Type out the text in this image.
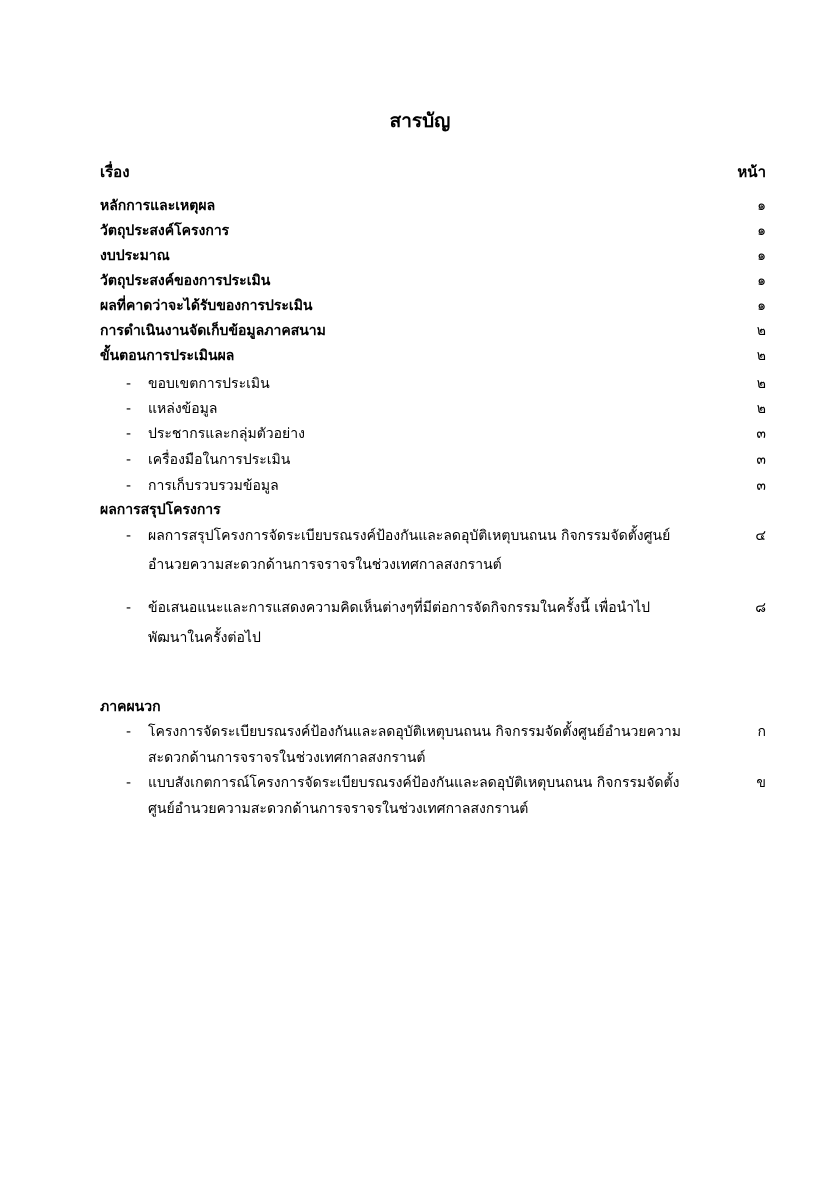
สารบัญ
เรื่อง	หน้า
หลักการและเหตุผล	๑
วัตถุประสงค์โครงการ	๑
งบประมาณ	๑
วัตถุประสงค์ของการประเมิน	๑
ผลที่คาดว่าจะได้รับของการประเมิน	๑
การดำเนินงานจัดเก็บข้อมูลภาคสนาม	๒
ขั้นตอนการประเมินผล	๒
- ขอบเขตการประเมิน	๒
- แหล่งข้อมูล	๒
- ประชากรและกลุ่มตัวอย่าง	๓
- เครื่องมือในการประเมิน	๓
- การเก็บรวบรวมข้อมูล	๓
ผลการสรุปโครงการ
- ผลการสรุปโครงการจัดระเบียบรณรงค์ป้องกันและลดอุบัติเหตุบนถนน กิจกรรมจัดตั้งศูนย์	๔
อำนวยความสะดวกด้านการจราจรในช่วงเทศกาลสงกรานต์
- ข้อเสนอแนะและการแสดงความคิดเห็นต่างๆที่มีต่อการจัดกิจกรรมในครั้งนี้ เพื่อนำไป	๘
พัฒนาในครั้งต่อไป
ภาคผนวก
- โครงการจัดระเบียบรณรงค์ป้องกันและลดอุบัติเหตุบนถนน กิจกรรมจัดตั้งศูนย์อำนวยความ	ก
สะดวกด้านการจราจรในช่วงเทศกาลสงกรานต์
- แบบสังเกตการณ์โครงการจัดระเบียบรณรงค์ป้องกันและลดอุบัติเหตุบนถนน กิจกรรมจัดตั้ง	ข
ศูนย์อำนวยความสะดวกด้านการจราจรในช่วงเทศกาลสงกรานต์
